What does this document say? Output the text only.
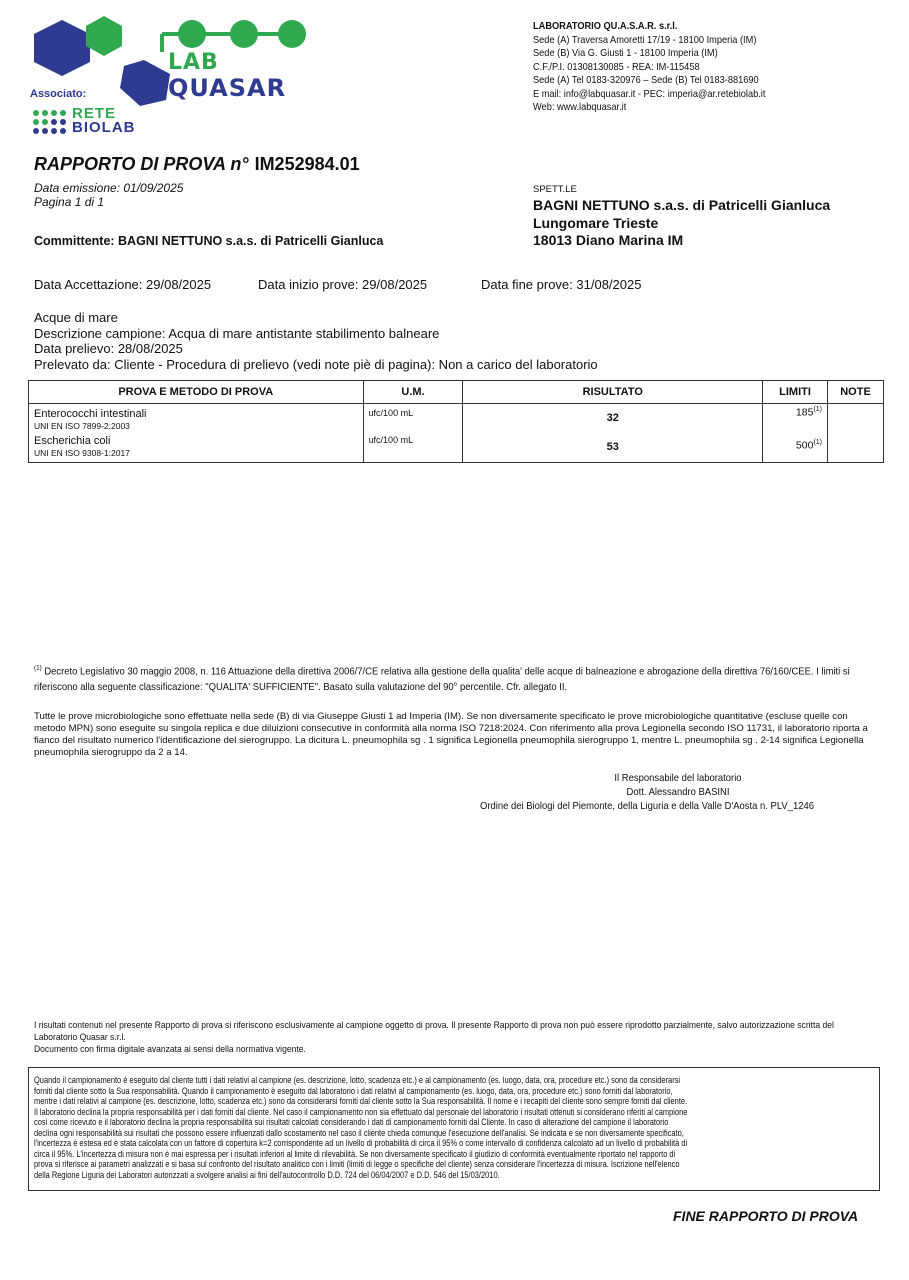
LAB
QUASAR
Associato:
RETE
BIOLAB
LABORATORIO QU.A.S.A.R. s.r.l.
Sede (A) Traversa Amoretti 17/19 - 18100 Imperia (IM)
Sede (B) Via G. Giusti 1 - 18100 Imperia (IM)
C.F./P.I. 01308130085 - REA: IM-115458
Sede (A) Tel 0183-320976 – Sede (B) Tel 0183-881690
E mail: info@labquasar.it - PEC: imperia@ar.retebiolab.it
Web: www.labquasar.it
RAPPORTO DI PROVA n° IM252984.01
Data emissione: 01/09/2025
Pagina 1 di 1
Committente: BAGNI NETTUNO s.a.s. di Patricelli Gianluca
SPETT.LE
BAGNI NETTUNO s.a.s. di Patricelli Gianluca
Lungomare Trieste
18013 Diano Marina IM
Data Accettazione: 29/08/2025	Data inizio prove: 29/08/2025	Data fine prove: 31/08/2025
Acque di mare
Descrizione campione: Acqua di mare antistante stabilimento balneare
Data prelievo: 28/08/2025
Prelevato da: Cliente - Procedura di prelievo (vedi note piè di pagina): Non a carico del laboratorio
PROVA E METODO DI PROVA	U.M.	RISULTATO	LIMITI	NOTE

Enterococchi intestinali
UNI EN ISO 7899-2:2003	ufc/100 mL	32	185$^{(1)}$	

Escherichia coli
UNI EN ISO 9308-1:2017	ufc/100 mL	53	500$^{(1)}$	
$^{(1)}$ Decreto Legislativo 30 maggio 2008, n. 116 Attuazione della direttiva 2006/7/CE relativa alla gestione della qualita' delle acque di balneazione e abrogazione della direttiva 76/160/CEE. I limiti si riferiscono alla seguente classificazione: "QUALITA' SUFFICIENTE". Basato sulla valutazione del 90° percentile. Cfr. allegato II.
Tutte le prove microbiologiche sono effettuate nella sede (B) di via Giuseppe Giusti 1 ad Imperia (IM). Se non diversamente specificato le prove microbiologiche quantitative (escluse quelle con metodo MPN) sono eseguite su singola replica e due diluizioni consecutive in conformità alla norma ISO 7218:2024. Con riferimento alla prova Legionella secondo ISO 11731, il laboratorio riporta a fianco del risultato numerico l'identificazione del sierogruppo. La dicitura L. pneumophila sg . 1 significa Legionella pneumophila sierogruppo 1, mentre L. pneumophila sg . 2-14 significa Legionella pneumophila sierogruppo da 2 a 14.
Il Responsabile del laboratorio
Dott. Alessandro BASINI
Ordine dei Biologi del Piemonte, della Liguria e della Valle D'Aosta n. PLV_1246
I risultati contenuti nel presente Rapporto di prova si riferiscono esclusivamente al campione oggetto di prova. Il presente Rapporto di prova non può essere riprodotto parzialmente, salvo autorizzazione scritta del
Laboratorio Quasar s.r.l.
Documento con firma digitale avanzata ai sensi della normativa vigente.
Quando il campionamento è eseguito dal cliente tutti i dati relativi al campione (es. descrizione, lotto, scadenza etc.) e al campionamento (es. luogo, data, ora, procedure etc.) sono da considerarsi
forniti dal cliente sotto la Sua responsabilità. Quando il campionamento è eseguito dal laboratorio i dati relativi al campionamento (es. luogo, data, ora, procedure etc.) sono forniti dal laboratorio,
mentre i dati relativi al campione (es. descrizione, lotto, scadenza etc.) sono da considerarsi forniti dal cliente sotto la Sua responsabilità. Il nome e i recapiti del cliente sono sempre forniti dal cliente.
Il laboratorio declina la propria responsabilità per i dati forniti dal cliente. Nel caso il campionamento non sia effettuato dal personale del laboratorio i risultati ottenuti si considerano riferiti al campione
così come ricevuto e il laboratorio declina la propria responsabilità sui risultati calcolati considerando i dati di campionamento forniti dal Cliente. In caso di alterazione del campione il laboratorio
declina ogni responsabilità sui risultati che possono essere influenzati dallo scostamento nel caso il cliente chieda comunque l'esecuzione dell'analisi. Se indicata e se non diversamente specificato,
l'incertezza è estesa ed è stata calcolata con un fattore di copertura k=2 corrispondente ad un livello di probabilità di circa il 95% o come intervallo di confidenza calcolato ad un livello di probabilità di
circa il 95%. L'incertezza di misura non è mai espressa per i risultati inferiori al limite di rilevabilità. Se non diversamente specificato il giudizio di conformità eventualmente riportato nel rapporto di
prova si riferisce ai parametri analizzati e si basa sul confronto del risultato analitico con i limiti (limiti di legge o specifiche del cliente) senza considerare l'incertezza di misura. Iscrizione nell'elenco
della Regione Liguria dei Laboratori autorizzati a svolgere analisi ai fini dell'autocontrollo D.D. 724 del 06/04/2007 e D.D. 546 del 15/03/2010.
FINE RAPPORTO DI PROVA
